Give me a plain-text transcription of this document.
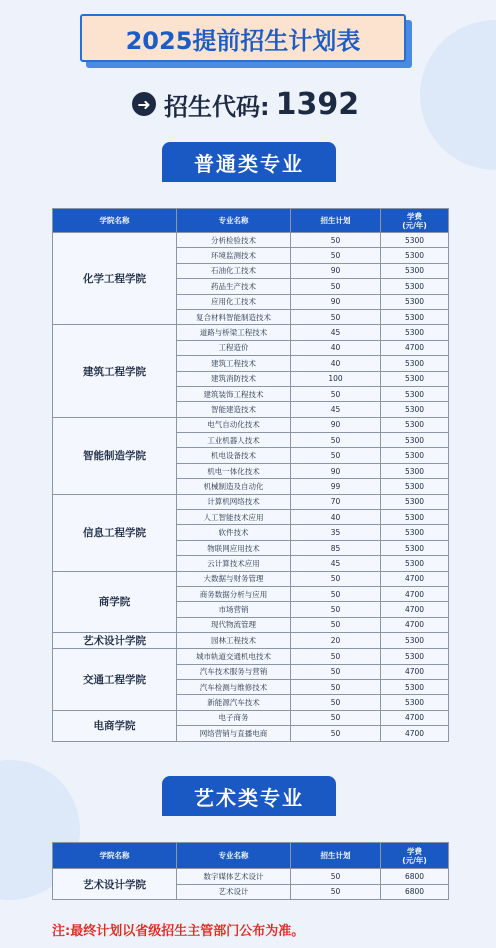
2025提前招生计划表
➜ 招生代码: 1392
普通类专业
学院名称	专业名称	招生计划	学费
(元/年)
化学工程学院	分析检验技术	50	5300
	环境监测技术	50	5300
	石油化工技术	90	5300
	药品生产技术	50	5300
	应用化工技术	90	5300
	复合材料智能制造技术	50	5300
建筑工程学院	道路与桥梁工程技术	45	5300
	工程造价	40	4700
	建筑工程技术	40	5300
	建筑消防技术	100	5300
	建筑装饰工程技术	50	5300
	智能建造技术	45	5300
智能制造学院	电气自动化技术	90	5300
	工业机器人技术	50	5300
	机电设备技术	50	5300
	机电一体化技术	90	5300
	机械制造及自动化	99	5300
信息工程学院	计算机网络技术	70	5300
	人工智能技术应用	40	5300
	软件技术	35	5300
	物联网应用技术	85	5300
	云计算技术应用	45	5300
商学院	大数据与财务管理	50	4700
	商务数据分析与应用	50	4700
	市场营销	50	4700
	现代物流管理	50	4700
艺术设计学院	园林工程技术	20	5300
交通工程学院	城市轨道交通机电技术	50	5300
	汽车技术服务与营销	50	4700
	汽车检测与维修技术	50	5300
	新能源汽车技术	50	5300
电商学院	电子商务	50	4700
	网络营销与直播电商	50	4700
艺术类专业
学院名称	专业名称	招生计划	学费
(元/年)
艺术设计学院	数字媒体艺术设计	50	6800
	艺术设计	50	6800
注:最终计划以省级招生主管部门公布为准。
